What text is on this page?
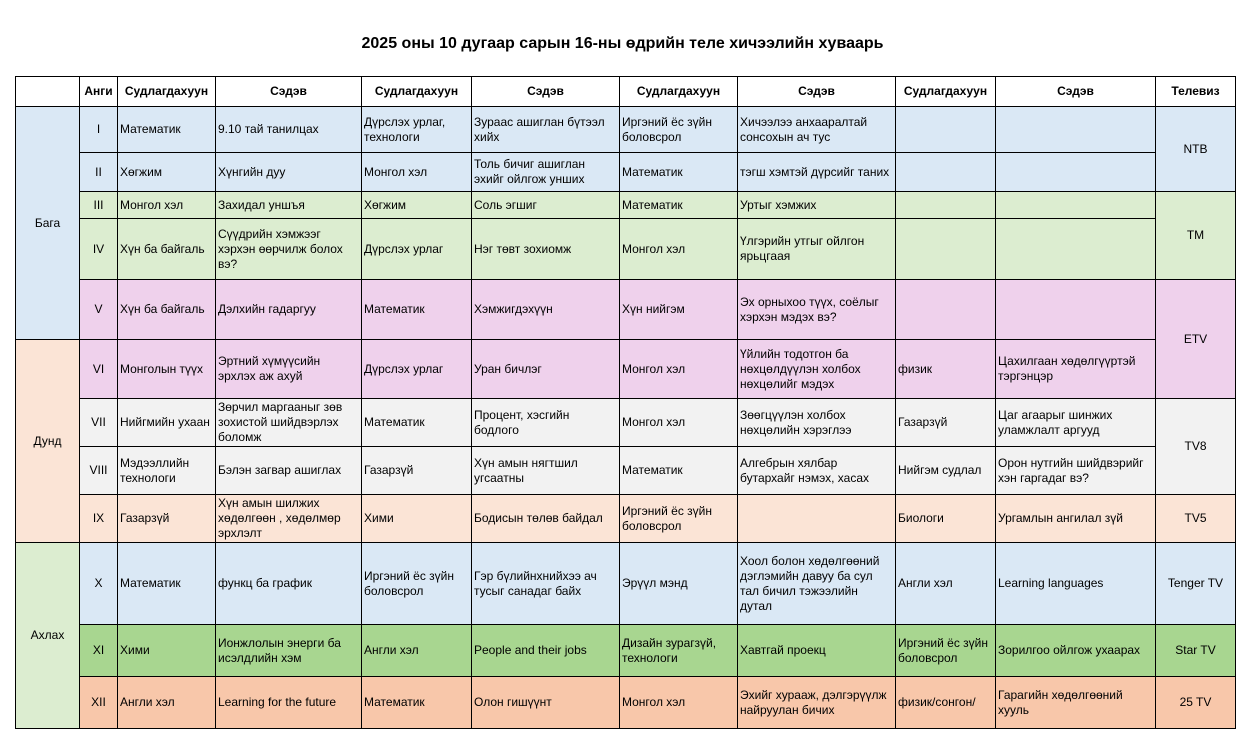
2025 оны 10 дугаар сарын 16-ны өдрийн теле хичээлийн хуваарь
	Анги	Судлагдахуун	Сэдэв	Судлагдахуун	Сэдэв	Судлагдахуун	Сэдэв	Судлагдахуун	Сэдэв	Телевиз
Бага	I	Математик	9.10 тай танилцах	Дүрслэх урлаг, технологи	Зураас ашиглан бүтээл хийх	Иргэний ёс зүйн боловсрол	Хичээлээ анхааралтай сонсохын ач тус			NTB
	II	Хөгжим	Хүнгийн дуу	Монгол хэл	Толь бичиг ашиглан эхийг ойлгож унших	Математик	тэгш хэмтэй дүрсийг таних			
	III	Монгол хэл	Захидал уншъя	Хөгжим	Соль эгшиг	Математик	Уртыг хэмжих			TM
	IV	Хүн ба байгаль	Сүүдрийн хэмжээг хэрхэн өөрчилж болох вэ?	Дүрслэх урлаг	Нэг төвт зохиомж	Монгол хэл	Үлгэрийн утгыг ойлгон ярьцгаая			
	V	Хүн ба байгаль	Дэлхийн гадаргуу	Математик	Хэмжигдэхүүн	Хүн нийгэм	Эх орныхоо түүх, соёлыг хэрхэн мэдэх вэ?			ETV
Дунд	VI	Монголын түүх	Эртний хүмүүсийн эрхлэх аж ахуй	Дүрслэх урлаг	Уран бичлэг	Монгол хэл	Үйлийн тодотгон ба нөхцөлдүүлэн холбох нөхцөлийг мэдэх	физик	Цахилгаан хөдөлгүүртэй тэргэнцэр	
	VII	Нийгмийн ухаан	Зөрчил маргааныг зөв зохистой шийдвэрлэх боломж	Математик	Процент, хэсгийн бодлого	Монгол хэл	Зөөгцүүлэн холбох нөхцөлийн хэрэглээ	Газарзүй	Цаг агаарыг шинжих уламжлалт аргууд	TV8
	VIII	Мэдээллийн технологи	Бэлэн загвар ашиглах	Газарзүй	Хүн амын нягтшил угсаатны	Математик	Алгебрын хялбар бутархайг нэмэх, хасах	Нийгэм судлал	Орон нутгийн шийдвэрийг хэн гаргадаг вэ?	
	IX	Газарзүй	Хүн амын шилжих хөдөлгөөн , хөдөлмөр эрхлэлт	Хими	Бодисын төлөв байдал	Иргэний ёс зүйн боловсрол		Биологи	Ургамлын ангилал зүй	TV5
Ахлах	X	Математик	функц ба график	Иргэний ёс зүйн боловсрол	Гэр бүлийнхнийхээ ач тусыг санадаг байх	Эрүүл мэнд	Хоол болон хөдөлгөөний дэглэмийн давуу ба сул тал бичил тэжээлийн дутал	Англи хэл	Learning languages	Tenger TV
	XI	Хими	Ионжлолын энерги ба исэлдлийн хэм	Англи хэл	People and their jobs	Дизайн зурагзүй, технологи	Хавтгай проекц	Иргэний ёс зүйн боловсрол	Зорилгоо ойлгож ухаарах	Star TV
	XII	Англи хэл	Learning for the future	Математик	Олон гишүүнт	Монгол хэл	Эхийг хурааж, дэлгэрүүлж найруулан бичих	физик/сонгон/	Гарагийн хөдөлгөөний хууль	25 TV
